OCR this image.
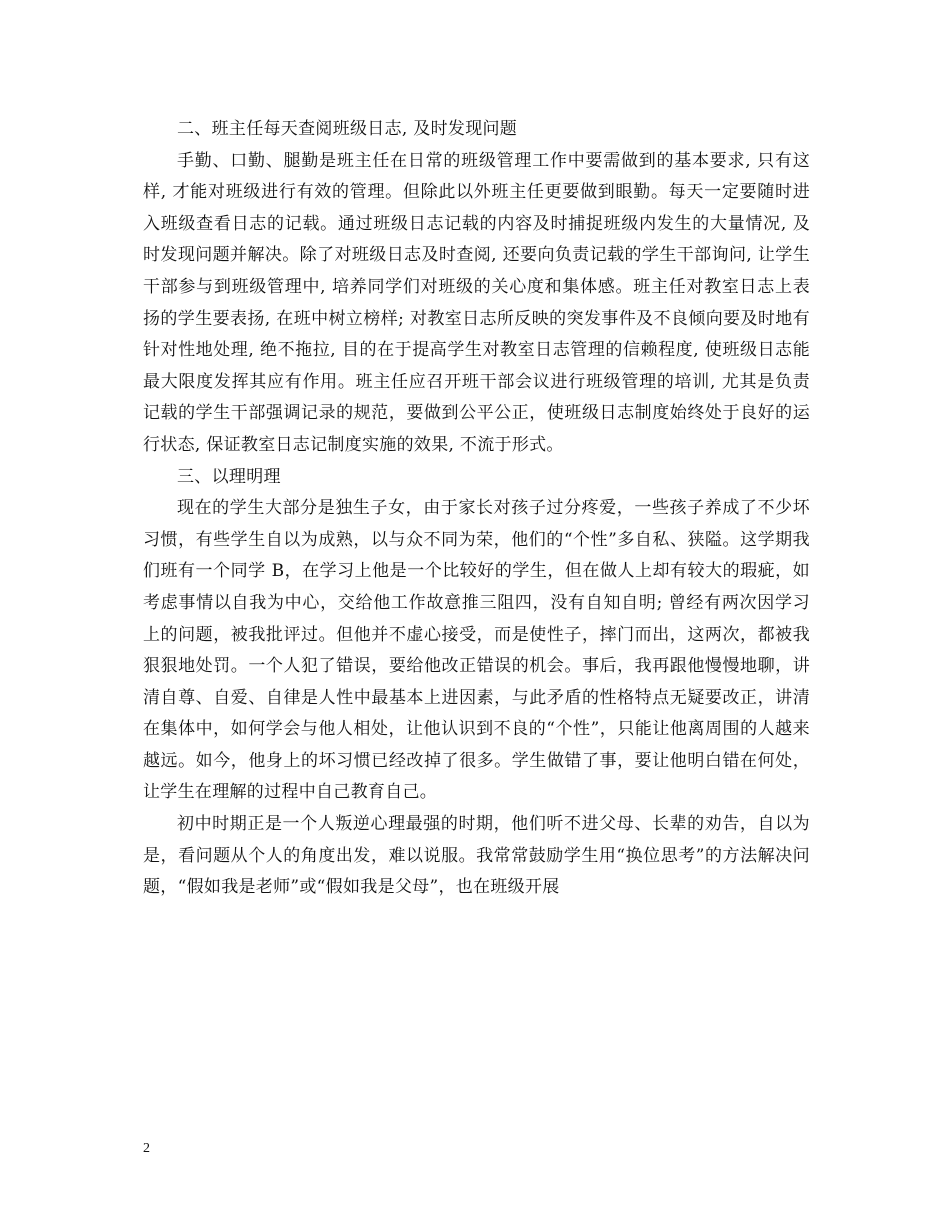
二、班主任每天查阅班级日志, 及时发现问题

手勤、口勤、腿勤是班主任在日常的班级管理工作中要需做到的基本要求, 只有这样, 才能对班级进行有效的管理。但除此以外班主任更要做到眼勤。每天一定要随时进入班级查看日志的记载。通过班级日志记载的内容及时捕捉班级内发生的大量情况, 及时发现问题并解决。除了对班级日志及时查阅, 还要向负责记载的学生干部询问, 让学生干部参与到班级管理中, 培养同学们对班级的关心度和集体感。班主任对教室日志上表扬的学生要表扬, 在班中树立榜样; 对教室日志所反映的突发事件及不良倾向要及时地有针对性地处理, 绝不拖拉, 目的在于提高学生对教室日志管理的信赖程度, 使班级日志能最大限度发挥其应有作用。班主任应召开班干部会议进行班级管理的培训, 尤其是负责记载的学生干部强调记录的规范，要做到公平公正，使班级日志制度始终处于良好的运行状态, 保证教室日志记制度实施的效果, 不流于形式。

三、以理明理

现在的学生大部分是独生子女，由于家长对孩子过分疼爱，一些孩子养成了不少坏习惯，有些学生自以为成熟，以与众不同为荣，他们的“个性”多自私、狭隘。这学期我们班有一个同学 B，在学习上他是一个比较好的学生，但在做人上却有较大的瑕疵，如考虑事情以自我为中心，交给他工作故意推三阻四，没有自知自明; 曾经有两次因学习上的问题，被我批评过。但他并不虚心接受，而是使性子，摔门而出，这两次，都被我狠狠地处罚。一个人犯了错误，要给他改正错误的机会。事后，我再跟他慢慢地聊，讲清自尊、自爱、自律是人性中最基本上进因素，与此矛盾的性格特点无疑要改正，讲清在集体中，如何学会与他人相处，让他认识到不良的“个性”，只能让他离周围的人越来越远。如今，他身上的坏习惯已经改掉了很多。学生做错了事，要让他明白错在何处，让学生在理解的过程中自己教育自己。

初中时期正是一个人叛逆心理最强的时期，他们听不进父母、长辈的劝告，自以为是，看问题从个人的角度出发，难以说服。我常常鼓励学生用“换位思考”的方法解决问题，“假如我是老师”或“假如我是父母”，也在班级开展

2
